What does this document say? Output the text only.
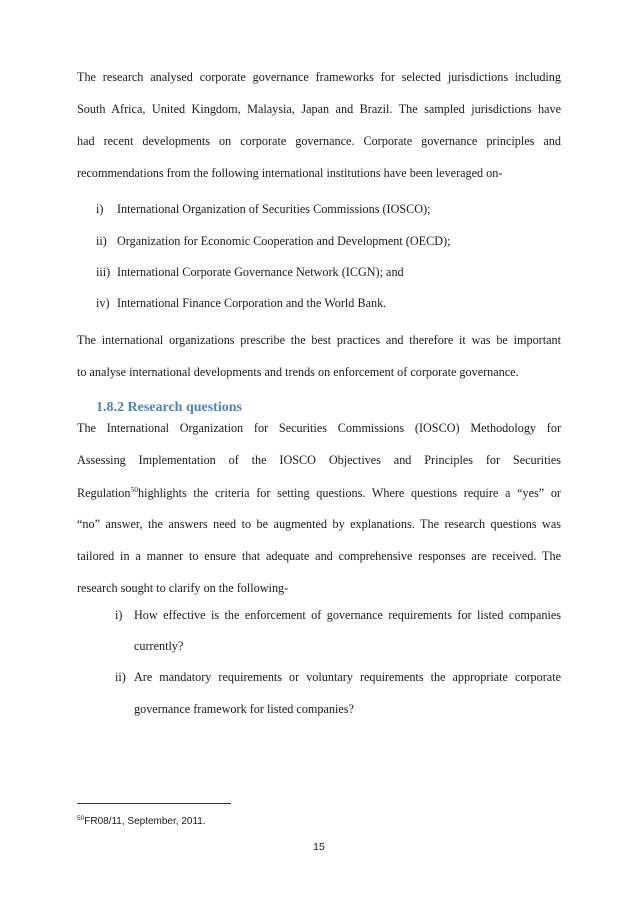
The research analysed corporate governance frameworks for selected jurisdictions including
South Africa, United Kingdom, Malaysia, Japan and Brazil. The sampled jurisdictions have
had recent developments on corporate governance. Corporate governance principles and
recommendations from the following international institutions have been leveraged on-
i) International Organization of Securities Commissions (IOSCO);
ii) Organization for Economic Cooperation and Development (OECD);
iii) International Corporate Governance Network (ICGN); and
iv) International Finance Corporation and the World Bank.
The international organizations prescribe the best practices and therefore it was be important
to analyse international developments and trends on enforcement of corporate governance.
1.8.2 Research questions
The International Organization for Securities Commissions (IOSCO) Methodology for
Assessing Implementation of the IOSCO Objectives and Principles for Securities
Regulation$^{50}$highlights the criteria for setting questions. Where questions require a “yes” or
“no” answer, the answers need to be augmented by explanations. The research questions was
tailored in a manner to ensure that adequate and comprehensive responses are received. The
research sought to clarify on the following-
i) How effective is the enforcement of governance requirements for listed companies
currently?
ii) Are mandatory requirements or voluntary requirements the appropriate corporate
governance framework for listed companies?
$^{50}$FR08/11, September, 2011.
15
